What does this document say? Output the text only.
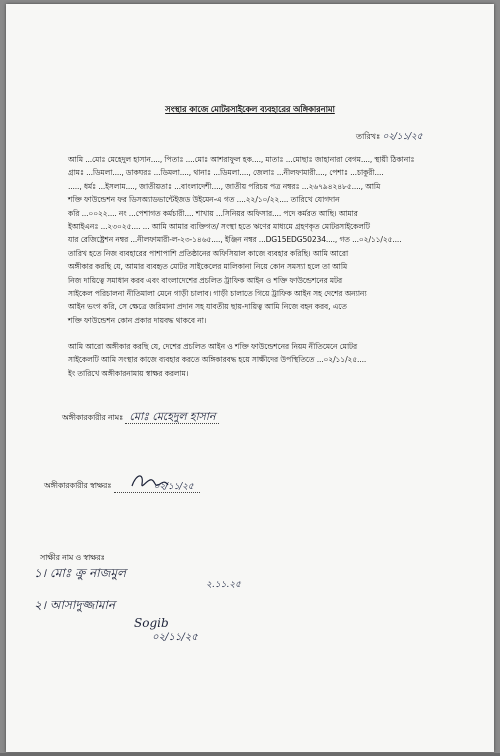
সংস্থার কাজে মোটরসাইকেল ব্যবহারের অঙ্গিকারনামা
তারিখঃ ০২/১১/২৫
আমি ...মোঃ মেহেদুল হাসান...., পিতাঃ ....মোঃ আশরাফুল হক...., মাতাঃ ...মোছাঃ জাহানারা বেগম...., স্থায়ী ঠিকানাঃ
গ্রামঃ ...ডিমলা...., ডাকঘরঃ ...ডিমলা...., থানাঃ ...ডিমলা...., জেলাঃ ...নীলফামারী...., পেশাঃ ...চাকুরী....
....., ধর্মঃ ...ইসলাম...., জাতীয়তাঃ ...বাংলাদেশী...., জাতীয় পরিচয় পত্র নম্বরঃ ...২৬৭৯৪২৪৮৫...., আমি
শক্তি ফাউন্ডেশন ফর ডিসঅ্যাডভান্টেইজড উইমেন-এ গত ....২২/১০/২২.... তারিখে যোগদান
করি ...০০২২.... নং ...পেশাগত কর্মচারী.... শাখায় ...সিনিয়র অফিসার.... পদে কর্মরত আছি। আমার
ইআইএনঃ ...২৩০২৫.... ... আমি আমার ব্যক্তিগত/ সংস্থা হতে ঋণের মাধ্যমে গ্রহণকৃত মোটরসাইকেলটি
যার রেজিষ্ট্রেশন নম্বর ...নীলফামারী-ল-২৩-১৪৬৫...., ইঞ্জিন নম্বর ...DG15EDG50234...., গত ...০২/১১/২৫....
তারিখ হতে নিজ ব্যবহারের পাশাপাশি প্রতিষ্ঠানের অফিসিয়াল কাজে ব্যবহার করিছি। আমি আরো
অঙ্গীকার করছি যে, আমার ব্যবহৃত মোটর সাইকেলের মালিকানা নিয়ে কোন সমস্যা হলে তা আমি
নিজ দায়িত্বে সমাধান করব এবং বাংলাদেশের প্রচলিত ট্রাফিক আইন ও শক্তি ফাউন্ডেশনের মটর
সাইকেল পরিচালনা নীতিমালা মেনে গাড়ী চালাব। গাড়ী চালাতে গিয়ে ট্রাফিক আইন সহ দেশের অন্যান্য
আইন ভংগ করি, সে ক্ষেত্রে জরিমানা প্রদান সহ যাবতীয় ছায়-দায়িত্ব আমি নিজে বহন করব, এতে
শক্তি ফাউন্ডেশন কোন প্রকার দায়বদ্ধ থাকবে না।
আমি আরো অঙ্গীকার করছি যে, দেশের প্রচলিত আইন ও শক্তি ফাউন্ডেশনের নিয়ম নীতিমেনে মোটর
সাইকেলটি আমি সংস্থার কাজে ব্যবহার করতে অঙ্গিকারবদ্ধ হয়ে সাক্ষীদের উপস্থিতিতে ...০২/১১/২৫....
ইং তারিখে অঙ্গীকারনামায় স্বাক্ষর করলাম।
অঙ্গীকারকারীর নামঃ মোঃ মেহেদুল হাসান
অঙ্গীকারকারীর স্বাক্ষরঃ	০২/১১/২৫
সাক্ষীর নাম ও স্বাক্ষরঃ
১। মোঃ ক্রু নাজমুল
২.১১.২৫
২। আসাদুজ্জামান
Sogib
০২/১১/২৫
